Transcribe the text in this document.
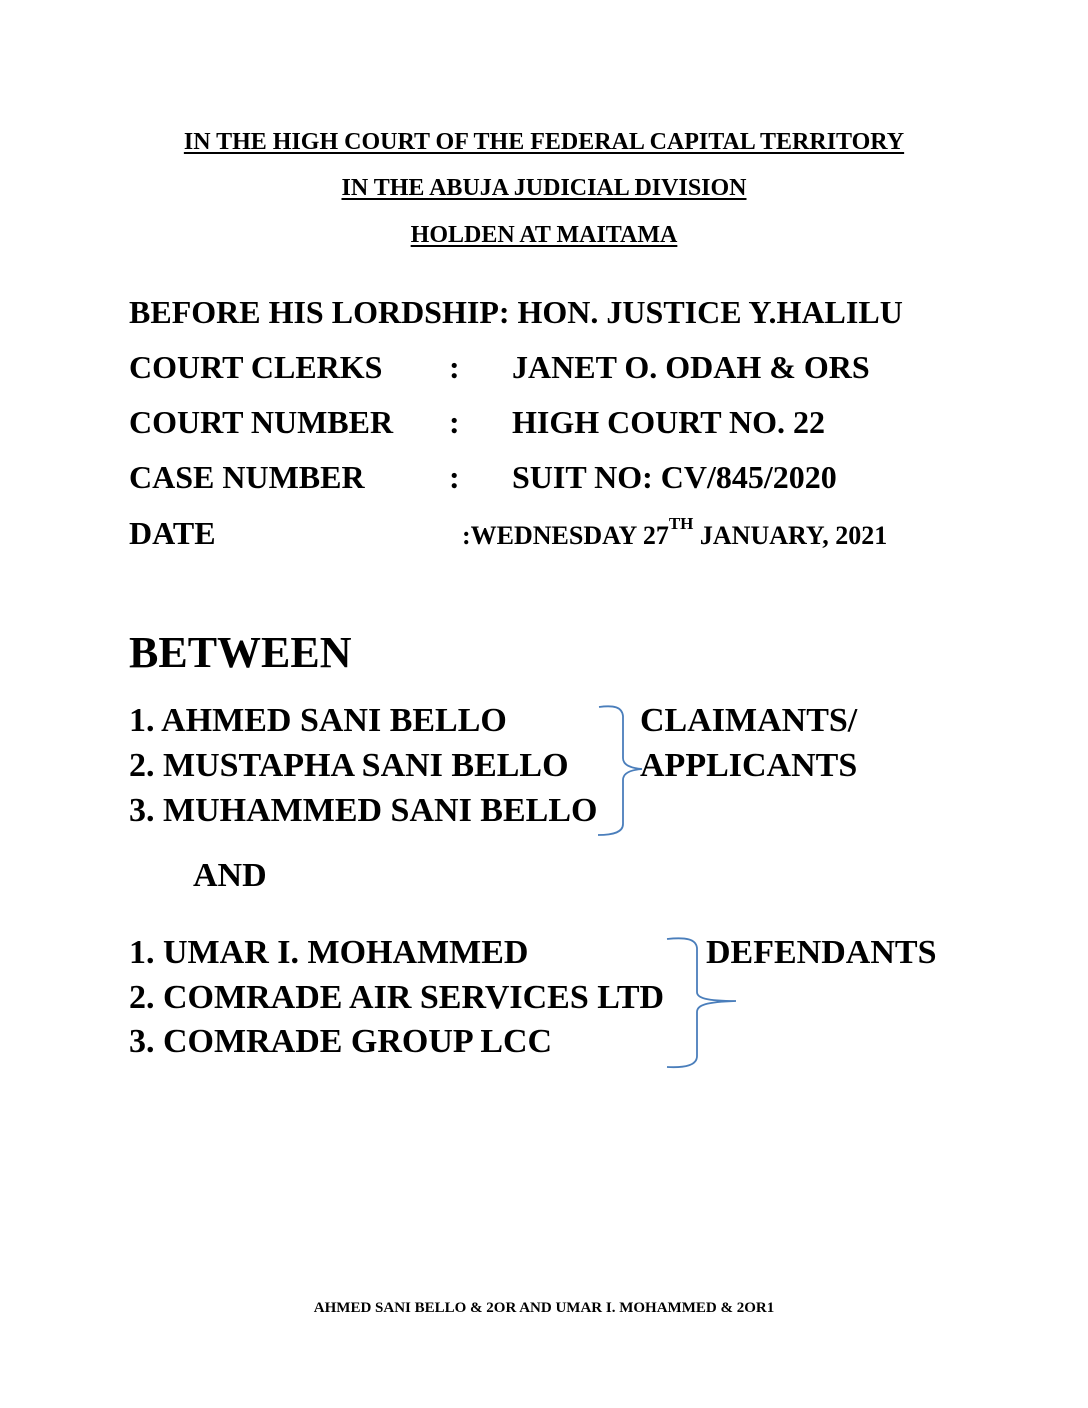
IN THE HIGH COURT OF THE FEDERAL CAPITAL TERRITORY
IN THE ABUJA JUDICIAL DIVISION
HOLDEN AT MAITAMA
BEFORE HIS LORDSHIP: HON. JUSTICE Y.HALILU
COURT CLERKS : JANET O. ODAH & ORS
COURT NUMBER : HIGH COURT NO. 22
CASE NUMBER	: SUIT NO: CV/845/2020
DATE	:WEDNESDAY 27TH JANUARY, 2021
BETWEEN
1. AHMED SANI BELLO
2. MUSTAPHA SANI BELLO
3. MUHAMMED SANI BELLO
CLAIMANTS/
APPLICANTS
AND
1. UMAR I. MOHAMMED
2. COMRADE AIR SERVICES LTD
3. COMRADE GROUP LCC
DEFENDANTS
AHMED SANI BELLO & 2OR AND UMAR I. MOHAMMED & 2OR1
